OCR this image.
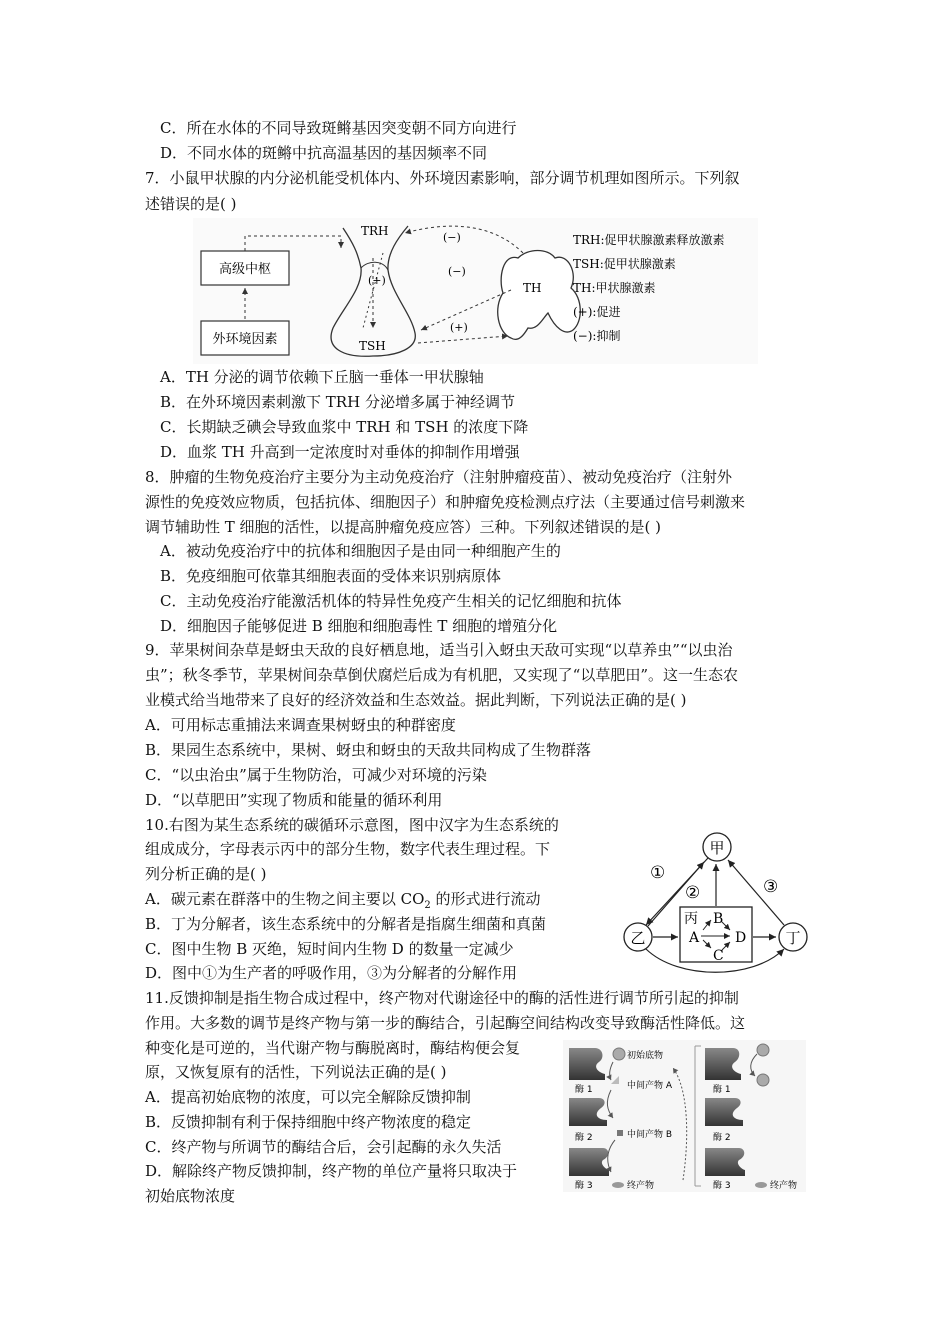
C．所在水体的不同导致斑鳉基因突变朝不同方向进行
D．不同水体的斑鳉中抗高温基因的基因频率不同
7．小鼠甲状腺的内分泌机能受机体内、外环境因素影响，部分调节机理如图所示。下列叙
述错误的是( )
高级中枢
外环境因素
TRH
TSH
TH
(+)
(+)
(−)
(−)
TRH:促甲状腺激素释放激素
TSH:促甲状腺激素
TH:甲状腺激素
(+):促进
(−):抑制
A．TH 分泌的调节依赖下丘脑一垂体一甲状腺轴
B．在外环境因素刺激下 TRH 分泌增多属于神经调节
C．长期缺乏碘会导致血浆中 TRH 和 TSH 的浓度下降
D．血浆 TH 升高到一定浓度时对垂体的抑制作用增强
8．肿瘤的生物免疫治疗主要分为主动免疫治疗（注射肿瘤疫苗）、被动免疫治疗（注射外
源性的免疫效应物质，包括抗体、细胞因子）和肿瘤免疫检测点疗法（主要通过信号刺激来
调节辅助性 T 细胞的活性，以提高肿瘤免疫应答）三种。下列叙述错误的是( )
A．被动免疫治疗中的抗体和细胞因子是由同一种细胞产生的
B．免疫细胞可依靠其细胞表面的受体来识别病原体
C．主动免疫治疗能激活机体的特异性免疫产生相关的记忆细胞和抗体
D．细胞因子能够促进 B 细胞和细胞毒性 T 细胞的增殖分化
9．苹果树间杂草是蚜虫天敌的良好栖息地，适当引入蚜虫天敌可实现“以草养虫”“以虫治
虫”；秋冬季节，苹果树间杂草倒伏腐烂后成为有机肥，又实现了“以草肥田”。这一生态农
业模式给当地带来了良好的经济效益和生态效益。据此判断，下列说法正确的是( )
A．可用标志重捕法来调查果树蚜虫的种群密度
B．果园生态系统中，果树、蚜虫和蚜虫的天敌共同构成了生物群落
C．“以虫治虫”属于生物防治，可减少对环境的污染
D．“以草肥田”实现了物质和能量的循环利用
10.右图为某生态系统的碳循环示意图，图中汉字为生态系统的
组成成分，字母表示丙中的部分生物，数字代表生理过程。下
列分析正确的是( )
A．碳元素在群落中的生物之间主要以 $CO_2$ 的形式进行流动
B．丁为分解者，该生态系统中的分解者是指腐生细菌和真菌
C．图中生物 B 灭绝，短时间内生物 D 的数量一定减少
D．图中①为生产者的呼吸作用，③为分解者的分解作用
甲
乙	丁
丙 B
A	D
C
①
②	③
11.反馈抑制是指生物合成过程中，终产物对代谢途径中的酶的活性进行调节所引起的抑制
作用。大多数的调节是终产物与第一步的酶结合，引起酶空间结构改变导致酶活性降低。这
种变化是可逆的，当代谢产物与酶脱离时，酶结构便会复
原，又恢复原有的活性，下列说法正确的是( )
A．提高初始底物的浓度，可以完全解除反馈抑制
B．反馈抑制有利于保持细胞中终产物浓度的稳定
C．终产物与所调节的酶结合后，会引起酶的永久失活
D．解除终产物反馈抑制，终产物的单位产量将只取决于
初始底物浓度
初始底物
中间产物 A
中间产物 B
终产物
酶 1
酶 2
酶 3	终产物
酶 1
酶 2
酶 3
